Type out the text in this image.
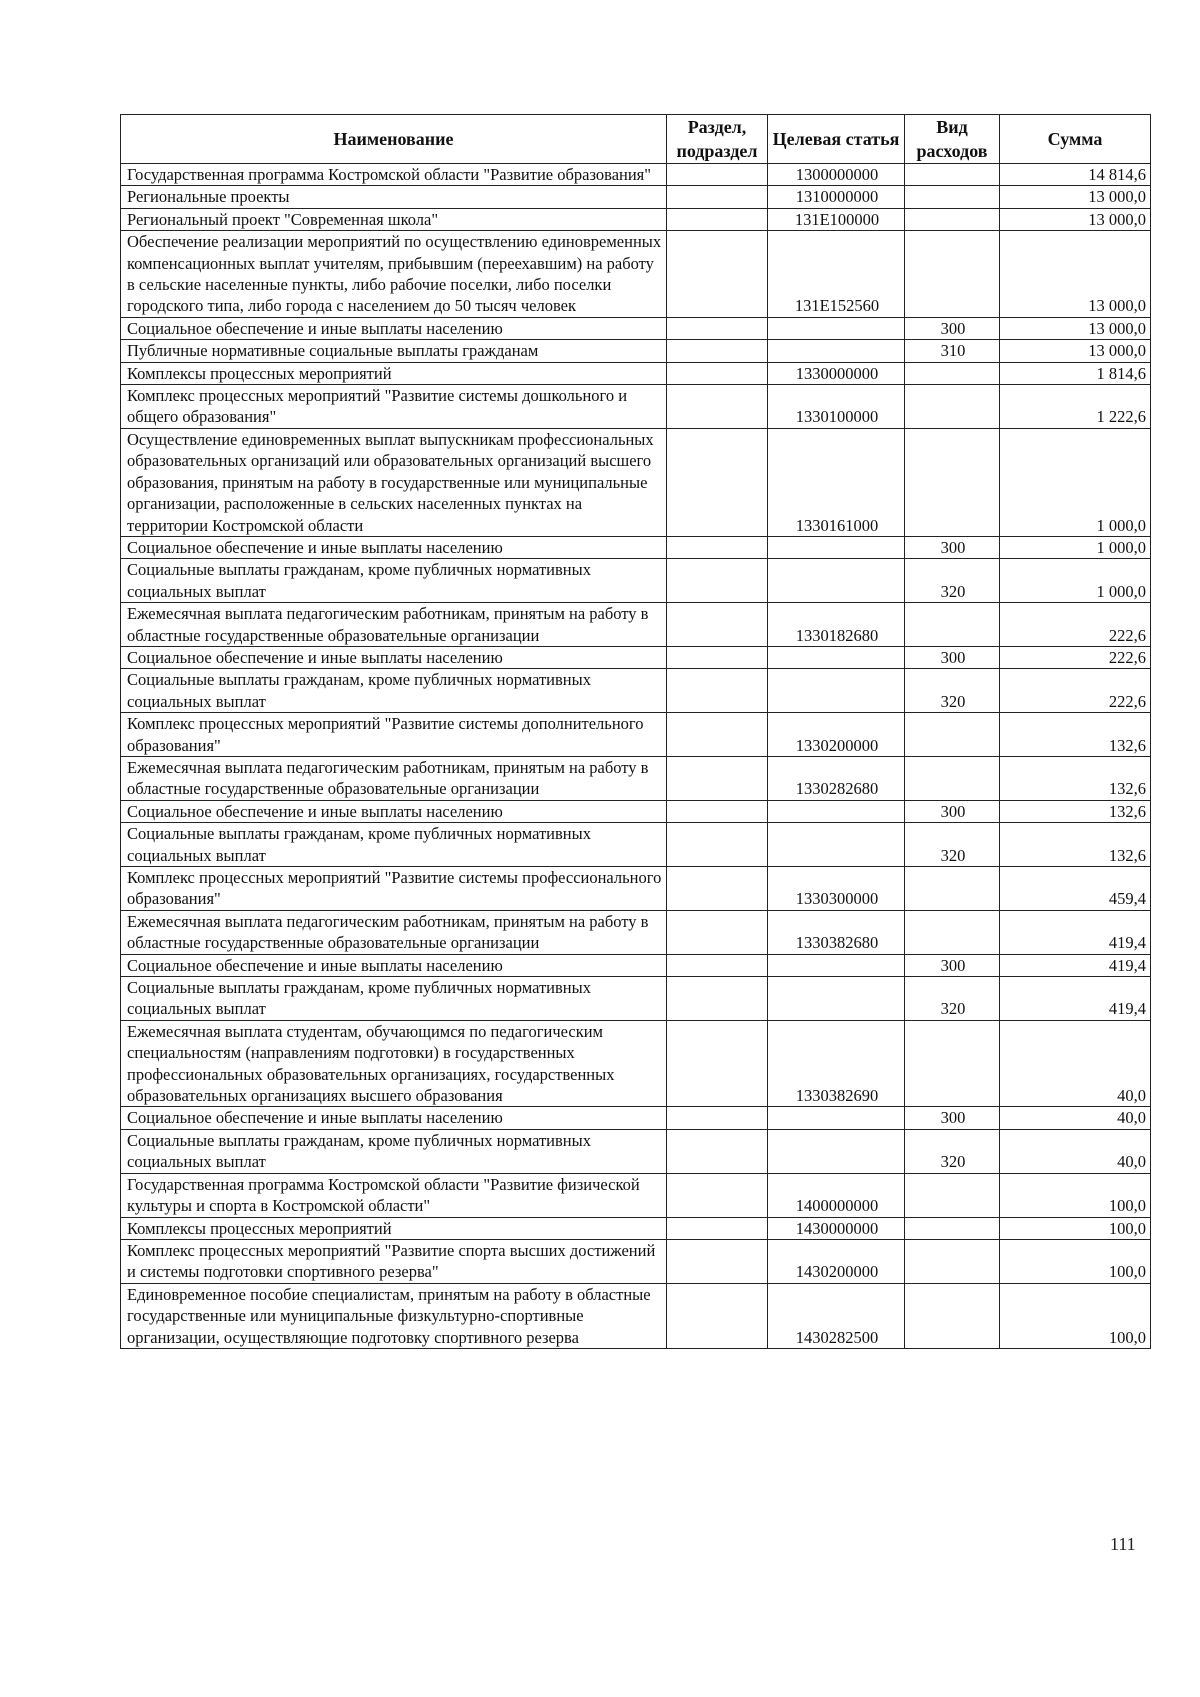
Наименование	Раздел, подраздел	Целевая статья	Вид расходов	Сумма
Государственная программа Костромской области "Развитие образования"		1300000000		14 814,6
Региональные проекты		1310000000		13 000,0
Региональный проект "Современная школа"		131E100000		13 000,0
Обеспечение реализации мероприятий по осуществлению единовременных компенсационных выплат учителям, прибывшим (переехавшим) на работу в сельские населенные пункты, либо рабочие поселки, либо поселки городского типа, либо города с населением до 50 тысяч человек		131E152560		13 000,0
Социальное обеспечение и иные выплаты населению			300	13 000,0
Публичные нормативные социальные выплаты гражданам			310	13 000,0
Комплексы процессных мероприятий		1330000000		1 814,6
Комплекс процессных мероприятий "Развитие системы дошкольного и общего образования"		1330100000		1 222,6
Осуществление единовременных выплат выпускникам профессиональных образовательных организаций или образовательных организаций высшего образования, принятым на работу в государственные или муниципальные организации, расположенные в сельских населенных пунктах на территории Костромской области		1330161000		1 000,0
Социальное обеспечение и иные выплаты населению			300	1 000,0
Социальные выплаты гражданам, кроме публичных нормативных социальных выплат			320	1 000,0
Ежемесячная выплата педагогическим работникам, принятым на работу в областные государственные образовательные организации		1330182680		222,6
Социальное обеспечение и иные выплаты населению			300	222,6
Социальные выплаты гражданам, кроме публичных нормативных социальных выплат			320	222,6
Комплекс процессных мероприятий "Развитие системы дополнительного образования"		1330200000		132,6
Ежемесячная выплата педагогическим работникам, принятым на работу в областные государственные образовательные организации		1330282680		132,6
Социальное обеспечение и иные выплаты населению			300	132,6
Социальные выплаты гражданам, кроме публичных нормативных социальных выплат			320	132,6
Комплекс процессных мероприятий "Развитие системы профессионального образования"		1330300000		459,4
Ежемесячная выплата педагогическим работникам, принятым на работу в областные государственные образовательные организации		1330382680		419,4
Социальное обеспечение и иные выплаты населению			300	419,4
Социальные выплаты гражданам, кроме публичных нормативных социальных выплат			320	419,4
Ежемесячная выплата студентам, обучающимся по педагогическим специальностям (направлениям подготовки) в государственных профессиональных образовательных организациях, государственных образовательных организациях высшего образования		1330382690		40,0
Социальное обеспечение и иные выплаты населению			300	40,0
Социальные выплаты гражданам, кроме публичных нормативных социальных выплат			320	40,0
Государственная программа Костромской области "Развитие физической культуры и спорта в Костромской области"		1400000000		100,0
Комплексы процессных мероприятий		1430000000		100,0
Комплекс процессных мероприятий "Развитие спорта высших достижений и системы подготовки спортивного резерва"		1430200000		100,0
Единовременное пособие специалистам, принятым на работу в областные государственные или муниципальные физкультурно-спортивные организации, осуществляющие подготовку спортивного резерва		1430282500		100,0
111
